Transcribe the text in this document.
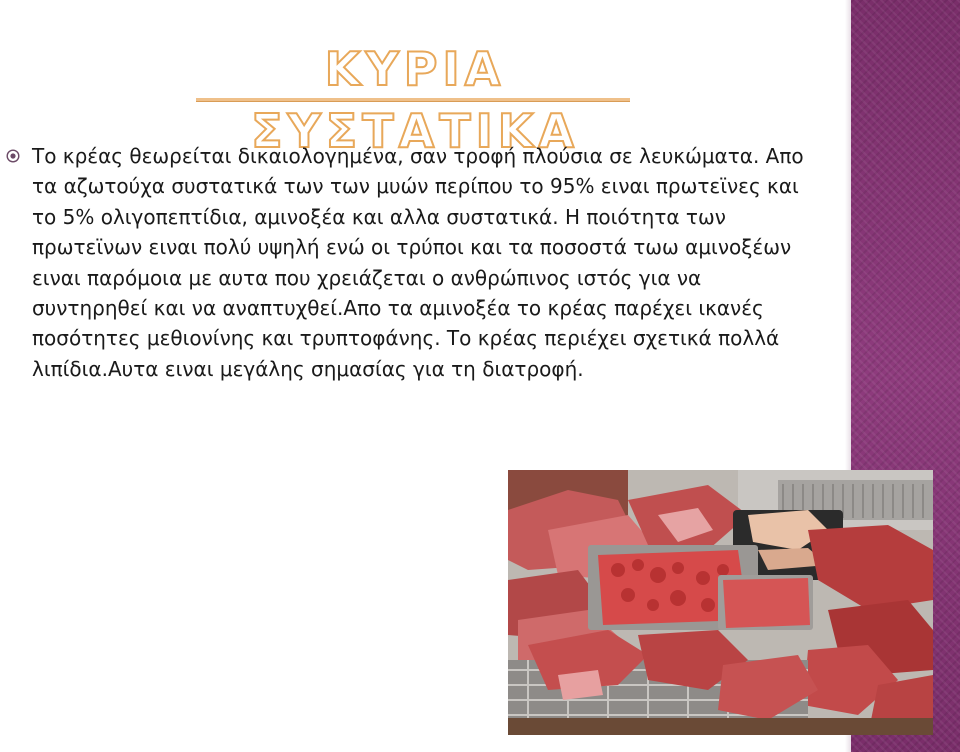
ΚΥΡΙΑ ΣΥΣΤΑΤΙΚΑ

Το κρέας θεωρείται δικαιολογημένα, σαν τροφή πλούσια σε λευκώματα. Απο τα αζωτούχα συστατικά των των μυών περίπου το 95% ειναι πρωτεϊνες και το 5% ολιγοπεπτίδια, αμινοξέα και αλλα συστατικά. Η ποιότητα των πρωτεϊνων ειναι πολύ υψηλή ενώ οι τρύποι και τα ποσοστά τωω αμινοξέων ειναι παρόμοια με αυτα που χρειάζεται ο ανθρώπινος ιστός για να συντηρηθεί και να αναπτυχθεί.Απο τα αμινοξέα το κρέας παρέχει ικανές ποσότητες μεθιονίνης και τρυπτοφάνης. Το κρέας περιέχει σχετικά πολλά λιπίδια.Αυτα ειναι μεγάλης σημασίας για τη διατροφή.
